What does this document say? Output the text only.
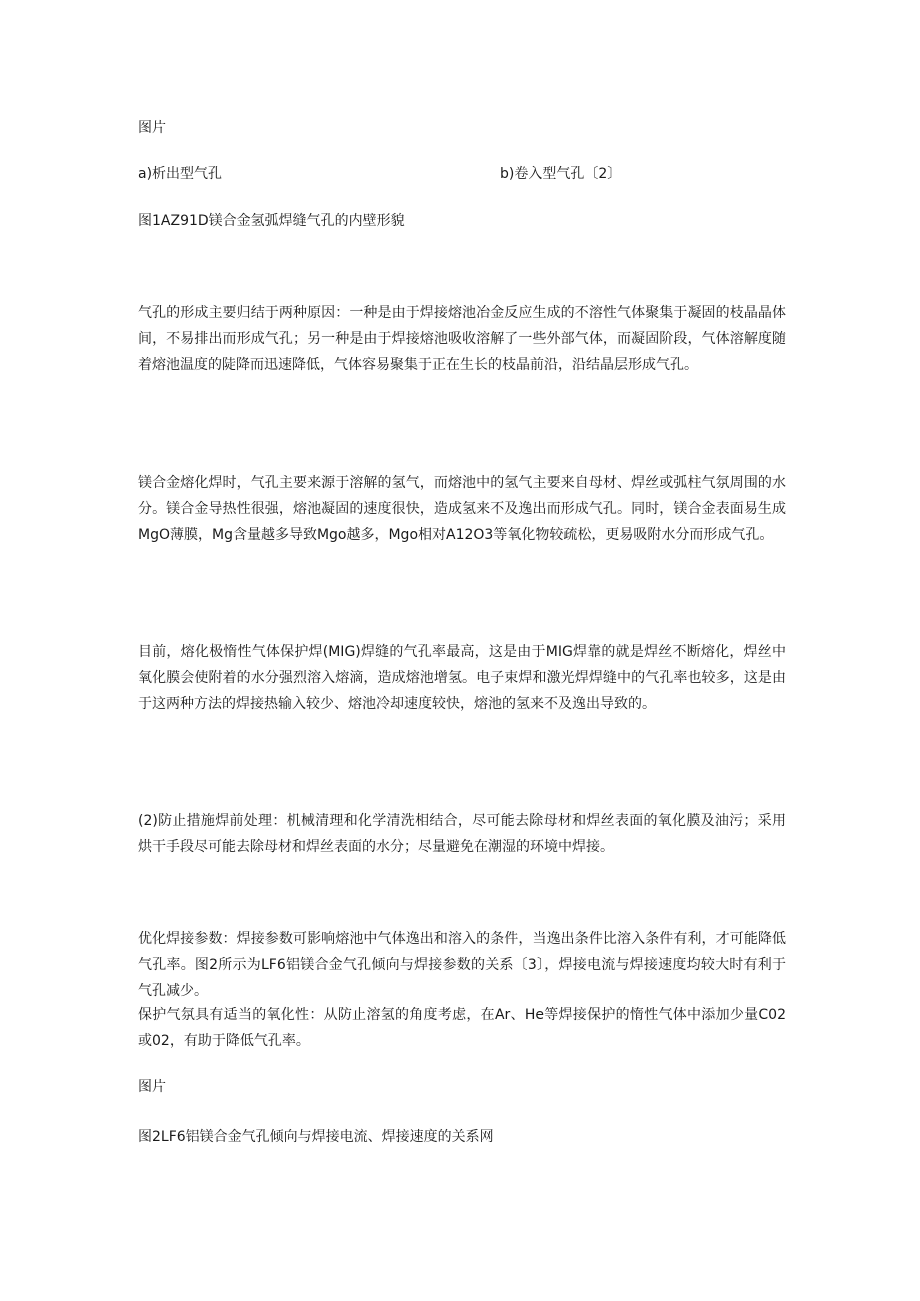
图片

a)析出型气孔	b)卷入型气孔〔2〕

图1AZ91D镁合金氢弧焊缝气孔的内壁形貌

气孔的形成主要归结于两种原因：一种是由于焊接熔池冶金反应生成的不溶性气体聚集于凝固的枝晶晶体间，不易排出而形成气孔；另一种是由于焊接熔池吸收溶解了一些外部气体，而凝固阶段，气体溶解度随着熔池温度的陡降而迅速降低，气体容易聚集于正在生长的枝晶前沿，沿结晶层形成气孔。

镁合金熔化焊时，气孔主要来源于溶解的氢气，而熔池中的氢气主要来自母材、焊丝或弧柱气氛周围的水分。镁合金导热性很强，熔池凝固的速度很快，造成氢来不及逸出而形成气孔。同时，镁合金表面易生成MgO薄膜，Mg含量越多导致Mgo越多，Mgo相对A12O3等氧化物较疏松，更易吸附水分而形成气孔。

目前，熔化极惰性气体保护焊(MIG)焊缝的气孔率最高，这是由于MIG焊靠的就是焊丝不断熔化，焊丝中氧化膜会使附着的水分强烈溶入熔滴，造成熔池增氢。电子束焊和激光焊焊缝中的气孔率也较多，这是由于这两种方法的焊接热输入较少、熔池冷却速度较快，熔池的氢来不及逸出导致的。

(2)防止措施焊前处理：机械清理和化学清洗相结合，尽可能去除母材和焊丝表面的氧化膜及油污；采用烘干手段尽可能去除母材和焊丝表面的水分；尽量避免在潮湿的环境中焊接。

优化焊接参数：焊接参数可影响熔池中气体逸出和溶入的条件，当逸出条件比溶入条件有利，才可能降低气孔率。图2所示为LF6铝镁合金气孔倾向与焊接参数的关系〔3〕，焊接电流与焊接速度均较大时有利于气孔减少。

保护气氛具有适当的氧化性：从防止溶氢的角度考虑，在Ar、He等焊接保护的惰性气体中添加少量C02或02，有助于降低气孔率。

图片

图2LF6铝镁合金气孔倾向与焊接电流、焊接速度的关系网
